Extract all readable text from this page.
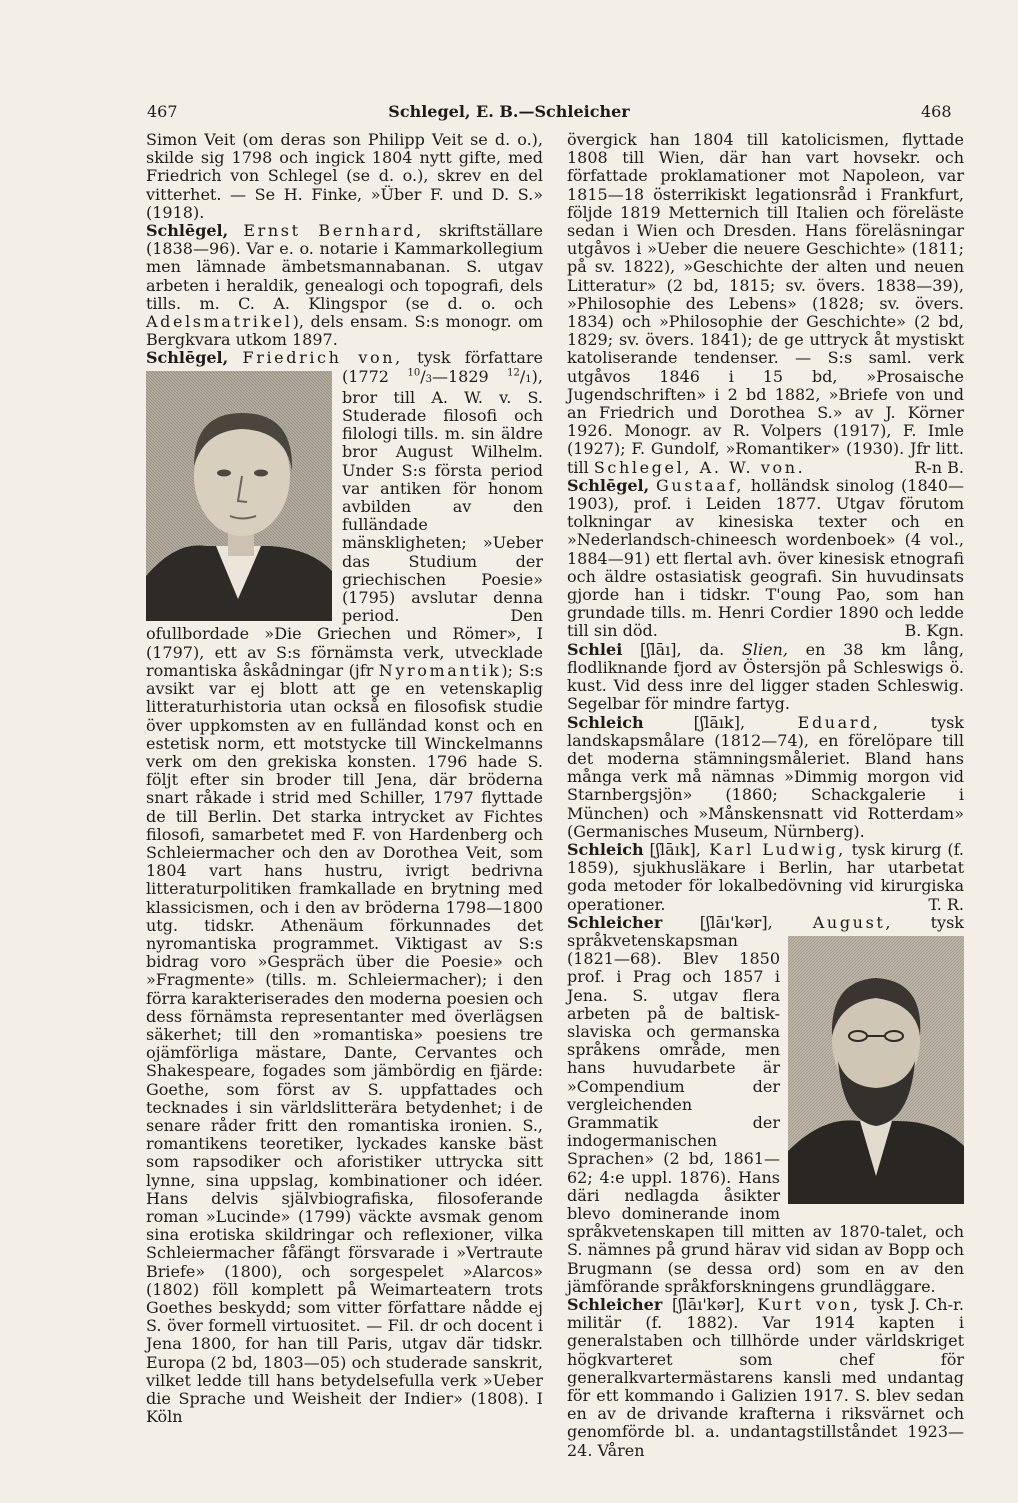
467	Schlegel, E. B.—Schleicher	468

Simon Veit (om deras son Philipp Veit se d. o.), skilde sig 1798 och ingick 1804 nytt gifte, med Friedrich von Schlegel (se d. o.), skrev en del vitterhet. — Se H. Finke, »Über F. und D. S.» (1918).

Schlēgel, Ernst Bernhard, skriftställare (1838—96). Var e. o. notarie i Kammarkollegium men lämnade ämbetsmannabanan. S. utgav arbeten i heraldik, genealogi och topografi, dels tills. m. C. A. Klingspor (se d. o. och Adelsmatrikel), dels ensam. S:s monogr. om Bergkvara utkom 1897.

Schlēgel, Friedrich von, tysk författare (1772 $^{10}$/3—1829 $^{12}$/1
), bror till A. W. v. S. Studerade filosofi och filologi tills. m. sin äldre bror August Wilhelm. Under S:s första period var antiken för honom avbilden av den fulländade mänskligheten; »Ueber das Studium der griechischen Poesie» (1795) avslutar denna period. Den ofullbordade »Die Griechen und Römer», I (1797), ett av S:s förnämsta verk, utvecklade romantiska åskådningar (jfr Nyromantik); S:s avsikt var ej blott att ge en vetenskaplig litteraturhistoria utan också en filosofisk studie över uppkomsten av en fulländad konst och en estetisk norm, ett motstycke till Winckelmanns verk om den grekiska konsten. 1796 hade S. följt efter sin broder till Jena, där bröderna snart råkade i strid med Schiller, 1797 flyttade de till Berlin. Det starka intrycket av Fichtes filosofi, samarbetet med F. von Hardenberg och Schleiermacher och den av Dorothea Veit, som 1804 vart hans hustru, ivrigt bedrivna litteraturpolitiken framkallade en brytning med klassicismen, och i den av bröderna 1798—1800 utg. tidskr. Athenäum förkunnades det nyromantiska programmet. Viktigast av S:s bidrag voro »Gespräch über die Poesie» och »Fragmente» (tills. m. Schleiermacher); i den förra karakteriserades den moderna poesien och dess förnämsta representanter med överlägsen säkerhet; till den »romantiska» poesiens tre ojämförliga mästare, Dante, Cervantes och Shakespeare, fogades som jämbördig en fjärde: Goethe, som först av S. uppfattades och tecknades i sin världslitterära betydenhet; i de senare råder fritt den romantiska ironien. S., romantikens teoretiker, lyckades kanske bäst som rapsodiker och aforistiker uttrycka sitt lynne, sina uppslag, kombinationer och idéer. Hans delvis självbiografiska, filosoferande roman »Lucinde» (1799) väckte avsmak genom sina erotiska skildringar och reflexioner, vilka Schleiermacher fåfängt försvarade i »Vertraute Briefe» (1800), och sorgespelet »Alarcos» (1802) föll komplett på Weimarteatern trots Goethes beskydd; som vitter författare nådde ej S. över formell virtuositet. — Fil. dr och docent i Jena 1800, for han till Paris, utgav där tidskr. Europa (2 bd, 1803—05) och studerade sanskrit, vilket ledde till hans betydelsefulla verk »Ueber die Sprache und Weisheit der Indier» (1808). I Köln

övergick han 1804 till katolicismen, flyttade 1808 till Wien, där han vart hovsekr. och författade proklamationer mot Napoleon, var 1815—18 österrikiskt legationsråd i Frankfurt, följde 1819 Metternich till Italien och föreläste sedan i Wien och Dresden. Hans föreläsningar utgåvos i »Ueber die neuere Geschichte» (1811; på sv. 1822), »Geschichte der alten und neuen Litteratur» (2 bd, 1815; sv. övers. 1838—39), »Philosophie des Lebens» (1828; sv. övers. 1834) och »Philosophie der Geschichte» (2 bd, 1829; sv. övers. 1841); de ge uttryck åt mystiskt katoliserande tendenser. — S:s saml. verk utgåvos 1846 i 15 bd, »Prosaische Jugendschriften» i 2 bd 1882, »Briefe von und an Friedrich und Dorothea S.» av J. Körner 1926. Monogr. av R. Volpers (1917), F. Imle (1927); F. Gundolf, »Romantiker» (1930). Jfr litt. till Schlegel, A. W. von.	R-n B.

Schlēgel, Gustaaf, holländsk sinolog (1840—1903), prof. i Leiden 1877. Utgav förutom tolkningar av kinesiska texter och en »Nederlandsch-chineesch wordenboek» (4 vol., 1884—91) ett flertal avh. över kinesisk etnografi och äldre ostasiatisk geografi. Sin huvudinsats gjorde han i tidskr. T'oung Pao, som han grundade tills. m. Henri Cordier 1890 och ledde till sin död.	B. Kgn.

Schlei [ʃlāı], da. Slien, en 38 km lång, flodliknande fjord av Östersjön på Schleswigs ö. kust. Vid dess inre del ligger staden Schleswig. Segelbar för mindre fartyg.

Schleich [ʃlāık], Eduard, tysk landskapsmålare (1812—74), en förelöpare till det moderna stämningsmåleriet. Bland hans många verk må nämnas »Dimmig morgon vid Starnbergsjön» (1860; Schackgalerie i München) och »Månskensnatt vid Rotterdam» (Germanisches Museum, Nürnberg).

Schleich [ʃlāık], Karl Ludwig, tysk kirurg (f. 1859), sjukhusläkare i Berlin, har utarbetat goda metoder för lokalbedövning vid kirurgiska operationer.	T. R.

Schleicher [ʃlāı'kər], August,
tysk språkvetenskapsman (1821—68). Blev 1850 prof. i Prag och 1857 i Jena. S. utgav flera arbeten på de baltisk-slaviska och germanska språkens område, men hans huvudarbete är »Compendium der vergleichenden Grammatik der indogermanischen Sprachen» (2 bd, 1861—62; 4:e uppl. 1876). Hans däri nedlagda åsikter blevo dominerande inom språkvetenskapen till mitten av 1870-talet, och S. nämnes på grund härav vid sidan av Bopp och Brugmann (se dessa ord) som en av den jämförande språkforskningens grundläggare.
J. Ch-r.

Schleicher [ʃlāı'kər], Kurt von, tysk militär (f. 1882). Var 1914 kapten i generalstaben och tillhörde under världskriget högkvarteret som chef för generalkvartermästarens kansli med undantag för ett kommando i Galizien 1917. S. blev sedan en av de drivande krafterna i riksvärnet och genomförde bl. a. undantagstillståndet 1923—24. Våren
